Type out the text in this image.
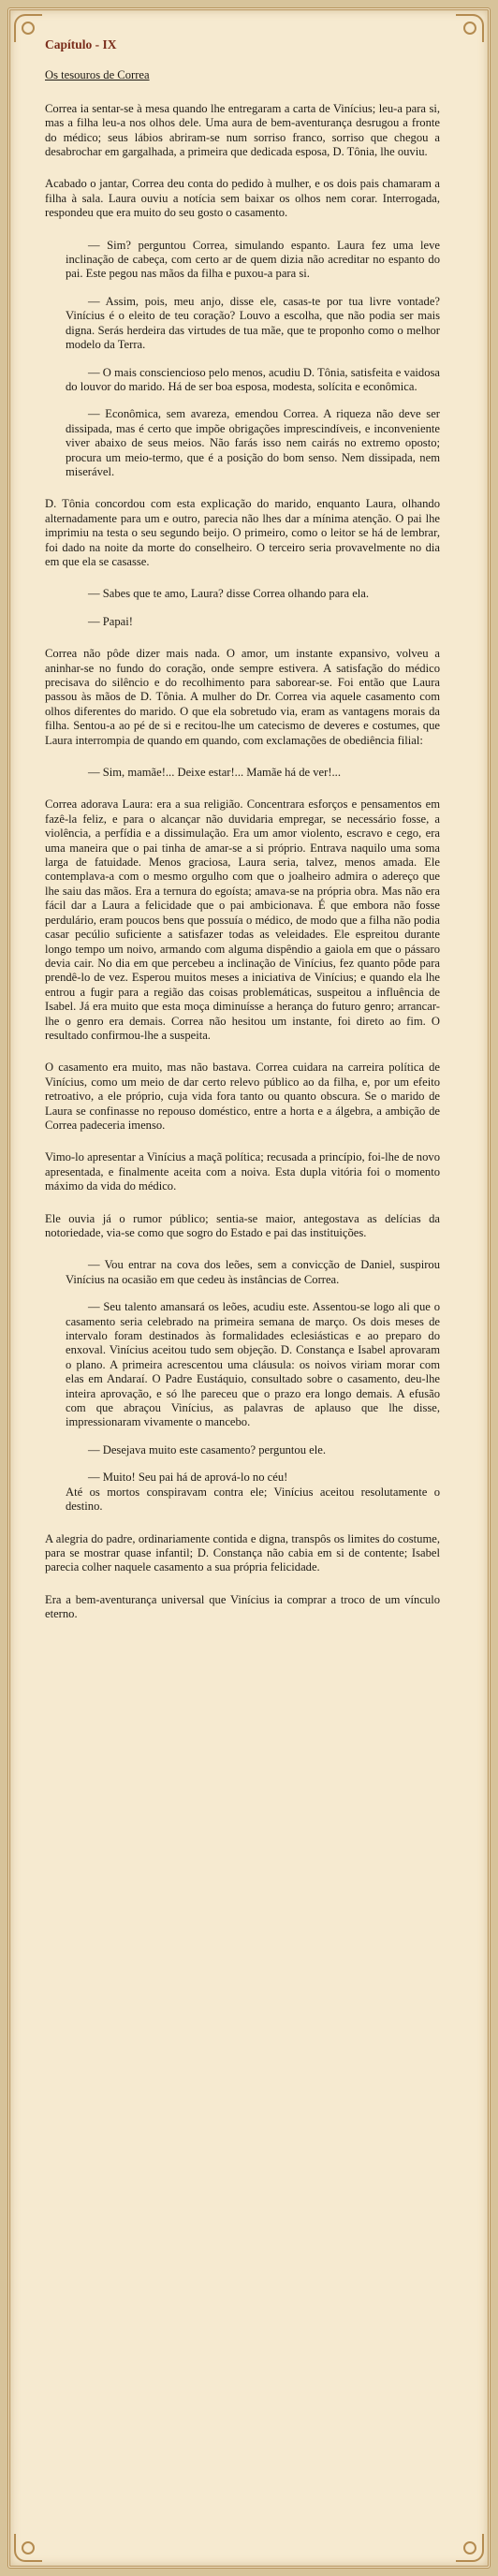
Capítulo - IX
Os tesouros de Correa

Correa ia sentar-se à mesa quando lhe entregaram a carta de Vinícius; leu-a para si, mas a filha leu-a nos olhos dele. Uma aura de bem-aventurança desrugou a fronte do médico; seus lábios abriram-se num sorriso franco, sorriso que chegou a desabrochar em gargalhada, a primeira que dedicada esposa, D. Tônia, lhe ouviu.

Acabado o jantar, Correa deu conta do pedido à mulher, e os dois pais chamaram a filha à sala. Laura ouviu a notícia sem baixar os olhos nem corar. Interrogada, respondeu que era muito do seu gosto o casamento.

— Sim? perguntou Correa, simulando espanto. Laura fez uma leve inclinação de cabeça, com certo ar de quem dizia não acreditar no espanto do pai. Este pegou nas mãos da filha e puxou-a para si.

— Assim, pois, meu anjo, disse ele, casas-te por tua livre vontade? Vinícius é o eleito de teu coração? Louvo a escolha, que não podia ser mais digna. Serás herdeira das virtudes de tua mãe, que te proponho como o melhor modelo da Terra.

— O mais consciencioso pelo menos, acudiu D. Tônia, satisfeita e vaidosa do louvor do marido. Há de ser boa esposa, modesta, solícita e econômica.

— Econômica, sem avareza, emendou Correa. A riqueza não deve ser dissipada, mas é certo que impõe obrigações imprescindíveis, e inconveniente viver abaixo de seus meios. Não farás isso nem cairás no extremo oposto; procura um meio-termo, que é a posição do bom senso. Nem dissipada, nem miserável.

D. Tônia concordou com esta explicação do marido, enquanto Laura, olhando alternadamente para um e outro, parecia não lhes dar a mínima atenção. O pai lhe imprimiu na testa o seu segundo beijo. O primeiro, como o leitor se há de lembrar, foi dado na noite da morte do conselheiro. O terceiro seria provavelmente no dia em que ela se casasse.

— Sabes que te amo, Laura? disse Correa olhando para ela.

— Papai!

Correa não pôde dizer mais nada. O amor, um instante expansivo, volveu a aninhar-se no fundo do coração, onde sempre estivera. A satisfação do médico precisava do silêncio e do recolhimento para saborear-se. Foi então que Laura passou às mãos de D. Tônia. A mulher do Dr. Correa via aquele casamento com olhos diferentes do marido. O que ela sobretudo via, eram as vantagens morais da filha. Sentou-a ao pé de si e recitou-lhe um catecismo de deveres e costumes, que Laura interrompia de quando em quando, com exclamações de obediência filial:

— Sim, mamãe!... Deixe estar!... Mamãe há de ver!...

Correa adorava Laura: era a sua religião. Concentrara esforços e pensamentos em fazê-la feliz, e para o alcançar não duvidaria empregar, se necessário fosse, a violência, a perfídia e a dissimulação. Era um amor violento, escravo e cego, era uma maneira que o pai tinha de amar-se a si próprio. Entrava naquilo uma soma larga de fatuidade. Menos graciosa, Laura seria, talvez, menos amada. Ele contemplava-a com o mesmo orgulho com que o joalheiro admira o adereço que lhe saiu das mãos. Era a ternura do egoísta; amava-se na própria obra. Mas não era fácil dar a Laura a felicidade que o pai ambicionava. É que embora não fosse perdulário, eram poucos bens que possuía o médico, de modo que a filha não podia casar pecúlio suficiente a satisfazer todas as veleidades. Ele espreitou durante longo tempo um noivo, armando com alguma dispêndio a gaiola em que o pássaro devia cair. No dia em que percebeu a inclinação de Vinícius, fez quanto pôde para prendê-lo de vez. Esperou muitos meses a iniciativa de Vinícius; e quando ela lhe entrou a fugir para a região das coisas problemáticas, suspeitou a influência de Isabel. Já era muito que esta moça diminuísse a herança do futuro genro; arrancar-lhe o genro era demais. Correa não hesitou um instante, foi direto ao fim. O resultado confirmou-lhe a suspeita.

O casamento era muito, mas não bastava. Correa cuidara na carreira política de Vinícius, como um meio de dar certo relevo público ao da filha, e, por um efeito retroativo, a ele próprio, cuja vida fora tanto ou quanto obscura. Se o marido de Laura se confinasse no repouso doméstico, entre a horta e a álgebra, a ambição de Correa padeceria imenso.

Vimo-lo apresentar a Vinícius a maçã política; recusada a princípio, foi-lhe de novo apresentada, e finalmente aceita com a noiva. Esta dupla vitória foi o momento máximo da vida do médico.

Ele ouvia já o rumor público; sentia-se maior, antegostava as delícias da notoriedade, via-se como que sogro do Estado e pai das instituições.

— Vou entrar na cova dos leões, sem a convicção de Daniel, suspirou Vinícius na ocasião em que cedeu às instâncias de Correa.

— Seu talento amansará os leões, acudiu este. Assentou-se logo ali que o casamento seria celebrado na primeira semana de março. Os dois meses de intervalo foram destinados às formalidades eclesiásticas e ao preparo do enxoval. Vinícius aceitou tudo sem objeção. D. Constança e Isabel aprovaram o plano. A primeira acrescentou uma cláusula: os noivos viriam morar com elas em Andaraí. O Padre Eustáquio, consultado sobre o casamento, deu-lhe inteira aprovação, e só lhe pareceu que o prazo era longo demais. A efusão com que abraçou Vinícius, as palavras de aplauso que lhe disse, impressionaram vivamente o mancebo.

— Desejava muito este casamento? perguntou ele.

— Muito! Seu pai há de aprová-lo no céu!

Até os mortos conspiravam contra ele; Vinícius aceitou resolutamente o destino.

A alegria do padre, ordinariamente contida e digna, transpôs os limites do costume, para se mostrar quase infantil; D. Constança não cabia em si de contente; Isabel parecia colher naquele casamento a sua própria felicidade.

Era a bem-aventurança universal que Vinícius ia comprar a troco de um vínculo eterno.
